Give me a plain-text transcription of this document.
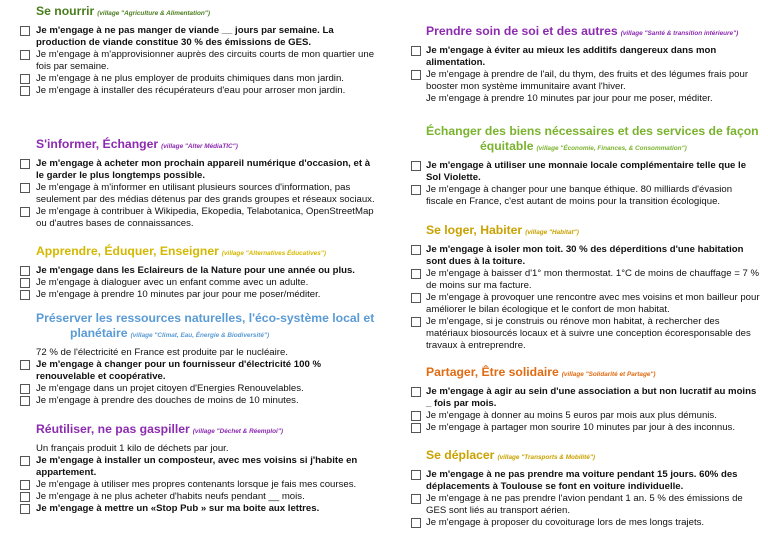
Se nourrir (village "Agriculture & Alimentation")
Je m'engage à ne pas manger de viande __ jours par semaine. La production de viande constitue 30 % des émissions de GES.
Je m'engage à m'approvisionner auprès des circuits courts de mon quartier une fois par semaine.
Je m'engage à ne plus employer de produits chimiques dans mon jardin.
Je m'engage à installer des récupérateurs d'eau pour arroser mon jardin.
S'informer, Échanger (village "Alter MédiaTIC")
Je m'engage à acheter mon prochain appareil numérique d'occasion, et à le garder le plus longtemps possible.
Je m'engage à m'informer en utilisant plusieurs sources d'information, pas seulement par des médias détenus par des grands groupes et réseaux sociaux.
Je m'engage à contribuer à Wikipedia, Ekopedia, Telabotanica, OpenStreetMap ou d'autres bases de connaissances.
Apprendre, Éduquer, Enseigner (village "Alternatives Éducatives")
Je m'engage dans les Eclaireurs de la Nature pour une année ou plus.
Je m'engage à dialoguer avec un enfant comme avec un adulte.
Je m'engage à prendre 10 minutes par jour pour me poser/méditer.
Préserver les ressources naturelles, l'éco-système local et
planétaire (village "Climat, Eau, Énergie & Biodiversité")
72 % de l'électricité en France est produite par le nucléaire.
Je m'engage à changer pour un fournisseur d'électricité 100 % renouvelable et coopérative.
Je m'engage dans un projet citoyen d'Energies Renouvelables.
Je m'engage à prendre des douches de moins de 10 minutes.
Réutiliser, ne pas gaspiller (village "Déchet & Réemploi")
Un français produit 1 kilo de déchets par jour.
Je m'engage à installer un composteur, avec mes voisins si j'habite en appartement.
Je m'engage à utiliser mes propres contenants lorsque je fais mes courses.
Je m'engage à ne plus acheter d'habits neufs pendant __ mois.
Je m'engage à mettre un «Stop Pub » sur ma boite aux lettres.
Prendre soin de soi et des autres (village "Santé & transition intérieure")
Je m'engage à éviter au mieux les additifs dangereux dans mon alimentation.
Je m'engage à prendre de l'ail, du thym, des fruits et des légumes frais pour booster mon système immunitaire avant l'hiver.
Je m'engage à prendre 10 minutes par jour pour me poser, méditer.
Échanger des biens nécessaires et des services de façon
équitable (village "Économie, Finances, & Consommation")
Je m'engage à utiliser une monnaie locale complémentaire telle que le Sol Violette.
Je m'engage à changer pour une banque éthique. 80 milliards d'évasion fiscale en France, c'est autant de moins pour la transition écologique.
Se loger, Habiter (village "Habitat")
Je m'engage à isoler mon toit. 30 % des déperditions d'une habitation sont dues à la toiture.
Je m'engage à baisser d'1° mon thermostat. 1°C de moins de chauffage = 7 % de moins sur ma facture.
Je m'engage à provoquer une rencontre avec mes voisins et mon bailleur pour améliorer le bilan écologique et le confort de mon habitat.
Je m'engage, si je construis ou rénove mon habitat, à rechercher des matériaux biosourcés locaux et à suivre une conception écoresponsable des travaux à entreprendre.
Partager, Être solidaire (village "Solidarité et Partage")
Je m'engage à agir au sein d'une association a but non lucratif au moins _ fois par mois.
Je m'engage à donner au moins 5 euros par mois aux plus démunis.
Je m'engage à partager mon sourire 10 minutes par jour à des inconnus.
Se déplacer (village "Transports & Mobilité")
Je m'engage à ne pas prendre ma voiture pendant 15 jours. 60% des déplacements à Toulouse se font en voiture individuelle.
Je m'engage à ne pas prendre l'avion pendant 1 an. 5 % des émissions de GES sont liés au transport aérien.
Je m'engage à proposer du covoiturage lors de mes longs trajets.
